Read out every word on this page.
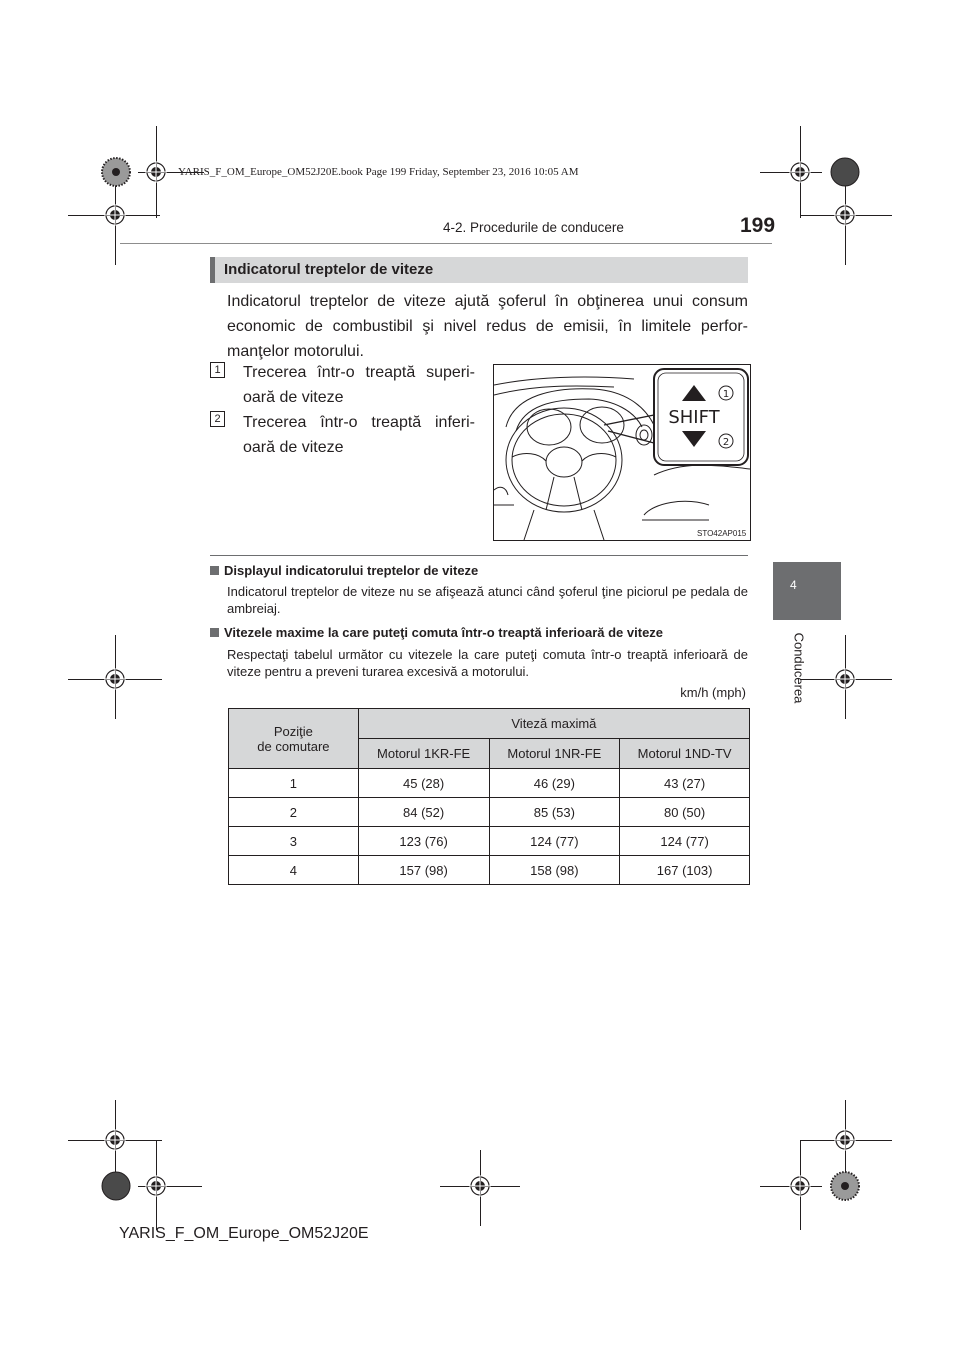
YARIS_F_OM_Europe_OM52J20E.book Page 199 Friday, September 23, 2016 10:05 AM
4-2. Procedurile de conducere	199
4
Conducerea
Indicatorul treptelor de viteze
Indicatorul treptelor de viteze ajută şoferul în obţinerea unui consum economic de combustibil şi nivel redus de emisii, în limitele perfor-manţelor motorului.
1 Trecerea într-o treaptă superi-oară de viteze
2 Trecerea într-o treaptă inferi-oară de viteze
SHIFT
1
2
STO42AP015
Displayul indicatorului treptelor de viteze
Indicatorul treptelor de viteze nu se afişează atunci când şoferul ţine piciorul pe pedala de ambreiaj.
Vitezele maxime la care puteţi comuta într-o treaptă inferioară de viteze
Respectaţi tabelul următor cu vitezele la care puteţi comuta într-o treaptă inferioară de viteze pentru a preveni turarea excesivă a motorului.
km/h (mph)
Poziţie
de comutare	Viteză maximă		
	Motorul 1KR-FE	Motorul 1NR-FE	Motorul 1ND-TV
1	45 (28)	46 (29)	43 (27)
2	84 (52)	85 (53)	80 (50)
3	123 (76)	124 (77)	124 (77)
4	157 (98)	158 (98)	167 (103)
YARIS_F_OM_Europe_OM52J20E
